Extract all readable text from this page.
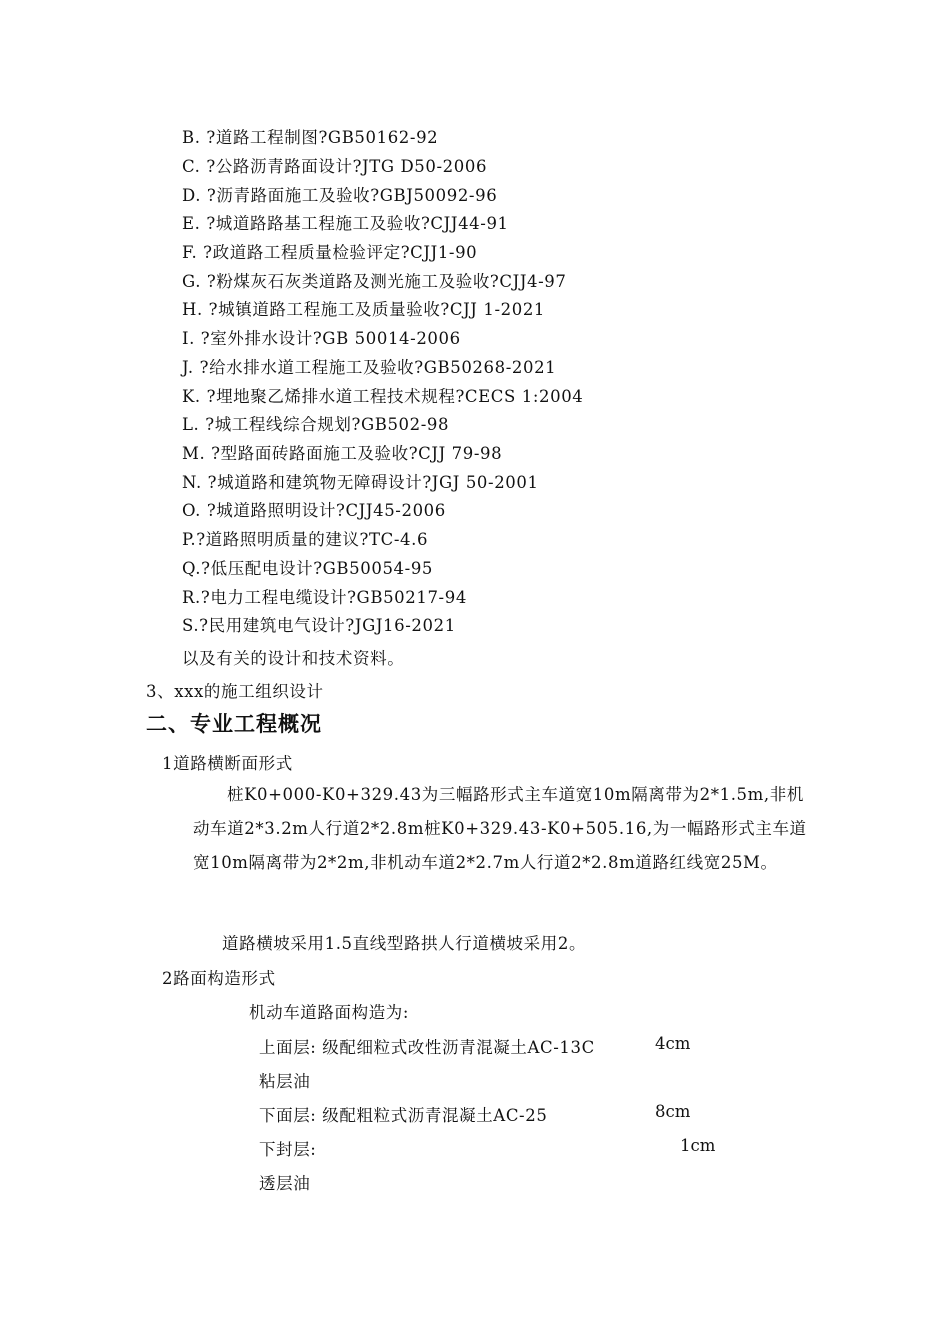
B. ?道路工程制图?GB50162-92
C. ?公路沥青路面设计?JTG D50-2006
D. ?沥青路面施工及验收?GBJ50092-96
E. ?城道路路基工程施工及验收?CJJ44-91
F. ?政道路工程质量检验评定?CJJ1-90
G. ?粉煤灰石灰类道路及测光施工及验收?CJJ4-97
H. ?城镇道路工程施工及质量验收?CJJ 1-2021
I. ?室外排水设计?GB 50014-2006
J. ?给水排水道工程施工及验收?GB50268-2021
K. ?埋地聚乙烯排水道工程技术规程?CECS 1:2004
L. ?城工程线综合规划?GB502-98
M. ?型路面砖路面施工及验收?CJJ 79-98
N. ?城道路和建筑物无障碍设计?JGJ 50-2001
O. ?城道路照明设计?CJJ45-2006
P.?道路照明质量的建议?TC-4.6
Q.?低压配电设计?GB50054-95
R.?电力工程电缆设计?GB50217-94
S.?民用建筑电气设计?JGJ16-2021
以及有关的设计和技术资料。
3、xxx的施工组织设计
二、专业工程概况
1道路横断面形式
桩K0+000-K0+329.43为三幅路形式主车道宽10m隔离带为2*1.5m,非机动车道2*3.2m人行道2*2.8m桩K0+329.43-K0+505.16,为一幅路形式主车道宽10m隔离带为2*2m,非机动车道2*2.7m人行道2*2.8m道路红线宽25M。
道路横坡采用1.5直线型路拱人行道横坡采用2。
2路面构造形式
机动车道路面构造为:
上面层: 级配细粒式改性沥青混凝土AC-13C	4cm
粘层油
下面层: 级配粗粒式沥青混凝土AC-25	8cm
下封层:	1cm
透层油
